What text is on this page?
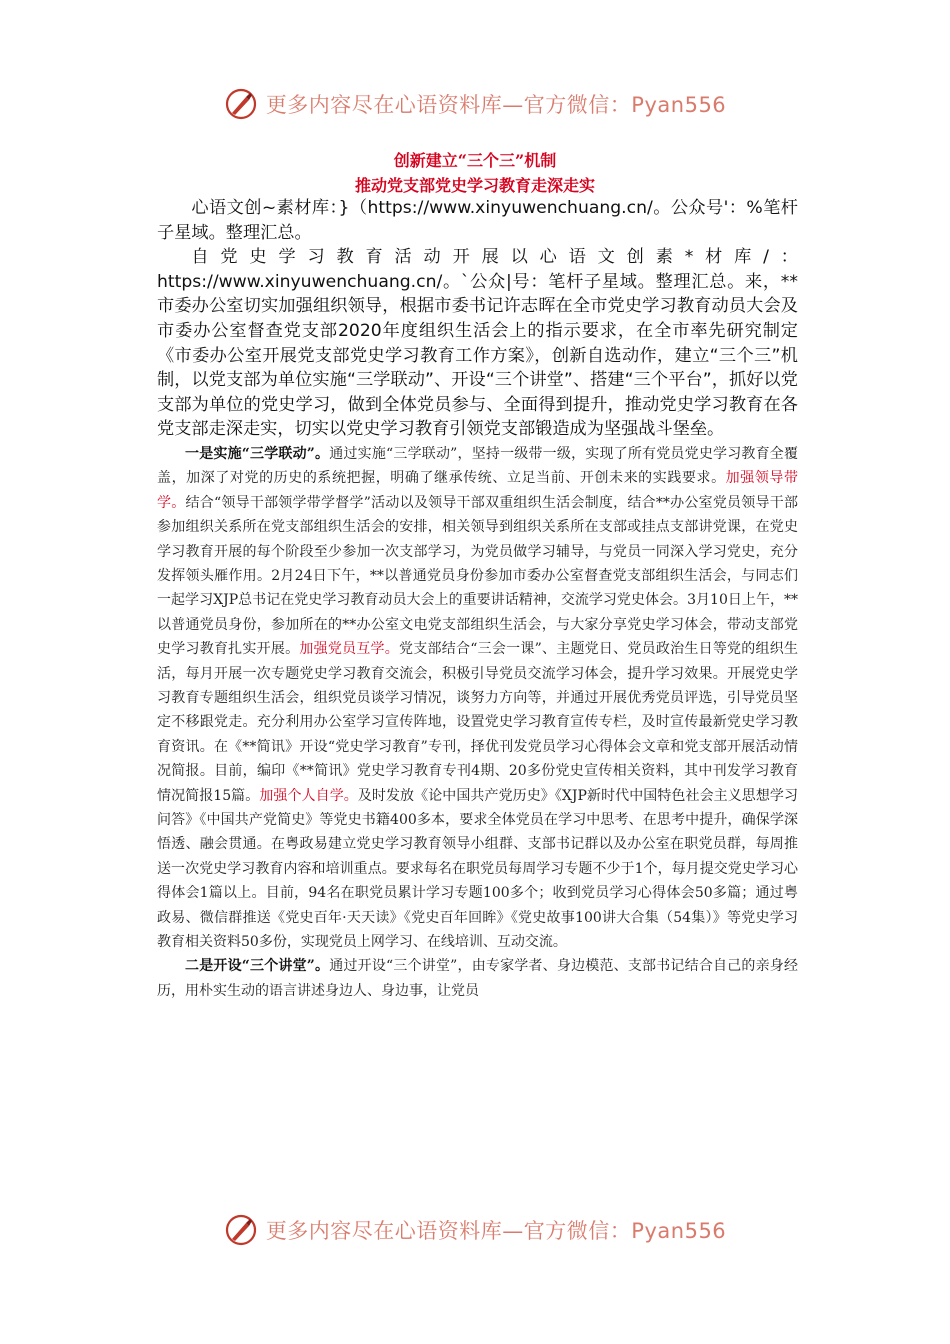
更多内容尽在心语资料库—官方微信：Pyan556
创新建立“三个三”机制
推动党支部党史学习教育走深走实

心语文创~素材库：}（https://www.xinyuwenchuang.cn/。公众号'：%笔杆子星域。整理汇总。

自党史学习教育活动开展以心语文创素*材库/：https://www.xinyuwenchuang.cn/。`公众|号：笔杆子星域。整理汇总。来，**市委办公室切实加强组织领导，根据市委书记许志晖在全市党史学习教育动员大会及市委办公室督查党支部2020年度组织生活会上的指示要求，在全市率先研究制定《市委办公室开展党支部党史学习教育工作方案》，创新自选动作，建立“三个三”机制，以党支部为单位实施“三学联动”、开设“三个讲堂”、搭建“三个平台”，抓好以党支部为单位的党史学习，做到全体党员参与、全面得到提升，推动党史学习教育在各党支部走深走实，切实以党史学习教育引领党支部锻造成为坚强战斗堡垒。

一是实施“三学联动”。通过实施“三学联动”，坚持一级带一级，实现了所有党员党史学习教育全覆盖，加深了对党的历史的系统把握，明确了继承传统、立足当前、开创未来的实践要求。加强领导带学。结合“领导干部领学带学督学”活动以及领导干部双重组织生活会制度，结合**办公室党员领导干部参加组织关系所在党支部组织生活会的安排，相关领导到组织关系所在支部或挂点支部讲党课，在党史学习教育开展的每个阶段至少参加一次支部学习，为党员做学习辅导，与党员一同深入学习党史，充分发挥领头雁作用。2月24日下午，**以普通党员身份参加市委办公室督查党支部组织生活会，与同志们一起学习XJP总书记在党史学习教育动员大会上的重要讲话精神，交流学习党史体会。3月10日上午，**以普通党员身份，参加所在的**办公室文电党支部组织生活会，与大家分享党史学习体会，带动支部党史学习教育扎实开展。加强党员互学。党支部结合“三会一课”、主题党日、党员政治生日等党的组织生活，每月开展一次专题党史学习教育交流会，积极引导党员交流学习体会，提升学习效果。开展党史学习教育专题组织生活会，组织党员谈学习情况，谈努力方向等，并通过开展优秀党员评选，引导党员坚定不移跟党走。充分利用办公室学习宣传阵地，设置党史学习教育宣传专栏，及时宣传最新党史学习教育资讯。在《**简讯》开设“党史学习教育”专刊，择优刊发党员学习心得体会文章和党支部开展活动情况简报。目前，编印《**简讯》党史学习教育专刊4期、20多份党史宣传相关资料，其中刊发学习教育情况简报15篇。加强个人自学。及时发放《论中国共产党历史》《XJP新时代中国特色社会主义思想学习问答》《中国共产党简史》等党史书籍400多本，要求全体党员在学习中思考、在思考中提升，确保学深悟透、融会贯通。在粤政易建立党史学习教育领导小组群、支部书记群以及办公室在职党员群，每周推送一次党史学习教育内容和培训重点。要求每名在职党员每周学习专题不少于1个，每月提交党史学习心得体会1篇以上。目前，94名在职党员累计学习专题100多个；收到党员学习心得体会50多篇；通过粤政易、微信群推送《党史百年·天天读》《党史百年回眸》《党史故事100讲大合集（54集）》等党史学习教育相关资料50多份，实现党员上网学习、在线培训、互动交流。

二是开设“三个讲堂”。通过开设“三个讲堂”，由专家学者、身边模范、支部书记结合自己的亲身经历，用朴实生动的语言讲述身边人、身边事，让党员

更多内容尽在心语资料库—官方微信：Pyan556
